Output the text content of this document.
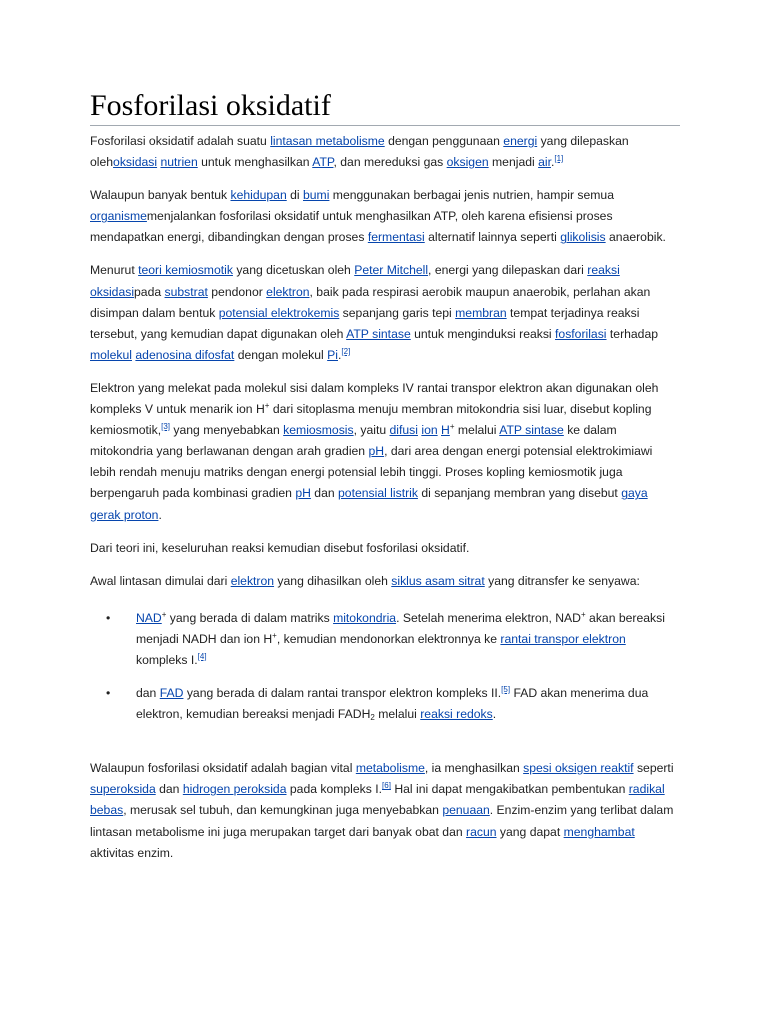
Fosforilasi oksidatif

Fosforilasi oksidatif adalah suatu lintasan metabolisme dengan penggunaan energi yang dilepaskan olehoksidasi nutrien untuk menghasilkan ATP, dan mereduksi gas oksigen menjadi air.[1]

Walaupun banyak bentuk kehidupan di bumi menggunakan berbagai jenis nutrien, hampir semua organismemenjalankan fosforilasi oksidatif untuk menghasilkan ATP, oleh karena efisiensi proses mendapatkan energi, dibandingkan dengan proses fermentasi alternatif lainnya seperti glikolisis anaerobik.

Menurut teori kemiosmotik yang dicetuskan oleh Peter Mitchell, energi yang dilepaskan dari reaksi oksidasipada substrat pendonor elektron, baik pada respirasi aerobik maupun anaerobik, perlahan akan disimpan dalam bentuk potensial elektrokemis sepanjang garis tepi membran tempat terjadinya reaksi tersebut, yang kemudian dapat digunakan oleh ATP sintase untuk menginduksi reaksi fosforilasi terhadap molekul adenosina difosfat dengan molekul Pi.[2]

Elektron yang melekat pada molekul sisi dalam kompleks IV rantai transpor elektron akan digunakan oleh kompleks V untuk menarik ion H+ dari sitoplasma menuju membran mitokondria sisi luar, disebut kopling kemiosmotik,[3] yang menyebabkan kemiosmosis, yaitu difusi ion H+ melalui ATP sintase ke dalam mitokondria yang berlawanan dengan arah gradien pH, dari area dengan energi potensial elektrokimiawi lebih rendah menuju matriks dengan energi potensial lebih tinggi. Proses kopling kemiosmotik juga berpengaruh pada kombinasi gradien pH dan potensial listrik di sepanjang membran yang disebut gaya gerak proton.

Dari teori ini, keseluruhan reaksi kemudian disebut fosforilasi oksidatif.

Awal lintasan dimulai dari elektron yang dihasilkan oleh siklus asam sitrat yang ditransfer ke senyawa:

• NAD+ yang berada di dalam matriks mitokondria. Setelah menerima elektron, NAD+ akan bereaksi menjadi NADH dan ion H+, kemudian mendonorkan elektronnya ke rantai transpor elektron kompleks I.[4]
• dan FAD yang berada di dalam rantai transpor elektron kompleks II.[5] FAD akan menerima dua elektron, kemudian bereaksi menjadi $FADH_2$ melalui reaksi redoks.

Walaupun fosforilasi oksidatif adalah bagian vital metabolisme, ia menghasilkan spesi oksigen reaktif seperti superoksida dan hidrogen peroksida pada kompleks I.[6] Hal ini dapat mengakibatkan pembentukan radikal bebas, merusak sel tubuh, dan kemungkinan juga menyebabkan penuaan. Enzim-enzim yang terlibat dalam lintasan metabolisme ini juga merupakan target dari banyak obat dan racun yang dapat menghambat aktivitas enzim.
